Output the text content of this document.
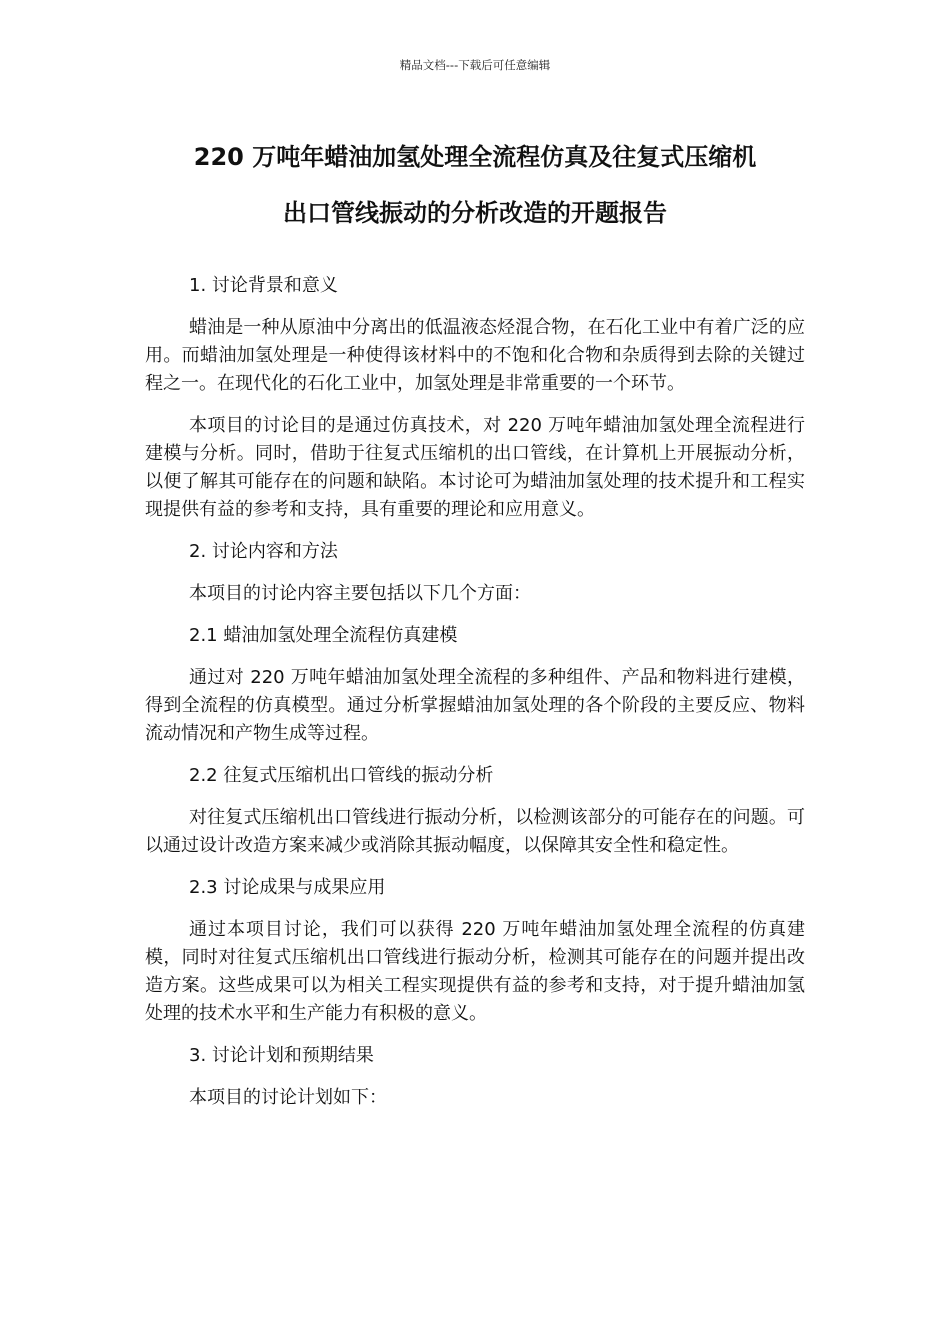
精品文档---下载后可任意编辑
220 万吨年蜡油加氢处理全流程仿真及往复式压缩机
出口管线振动的分析改造的开题报告

1. 讨论背景和意义

蜡油是一种从原油中分离出的低温液态烃混合物，在石化工业中有着广泛的应用。而蜡油加氢处理是一种使得该材料中的不饱和化合物和杂质得到去除的关键过程之一。在现代化的石化工业中，加氢处理是非常重要的一个环节。

本项目的讨论目的是通过仿真技术，对 220 万吨年蜡油加氢处理全流程进行建模与分析。同时，借助于往复式压缩机的出口管线，在计算机上开展振动分析，以便了解其可能存在的问题和缺陷。本讨论可为蜡油加氢处理的技术提升和工程实现提供有益的参考和支持，具有重要的理论和应用意义。

2. 讨论内容和方法

本项目的讨论内容主要包括以下几个方面：

2.1 蜡油加氢处理全流程仿真建模

通过对 220 万吨年蜡油加氢处理全流程的多种组件、产品和物料进行建模，得到全流程的仿真模型。通过分析掌握蜡油加氢处理的各个阶段的主要反应、物料流动情况和产物生成等过程。

2.2 往复式压缩机出口管线的振动分析

对往复式压缩机出口管线进行振动分析，以检测该部分的可能存在的问题。可以通过设计改造方案来减少或消除其振动幅度，以保障其安全性和稳定性。

2.3 讨论成果与成果应用

通过本项目讨论，我们可以获得 220 万吨年蜡油加氢处理全流程的仿真建模，同时对往复式压缩机出口管线进行振动分析，检测其可能存在的问题并提出改造方案。这些成果可以为相关工程实现提供有益的参考和支持，对于提升蜡油加氢处理的技术水平和生产能力有积极的意义。

3. 讨论计划和预期结果

本项目的讨论计划如下：
